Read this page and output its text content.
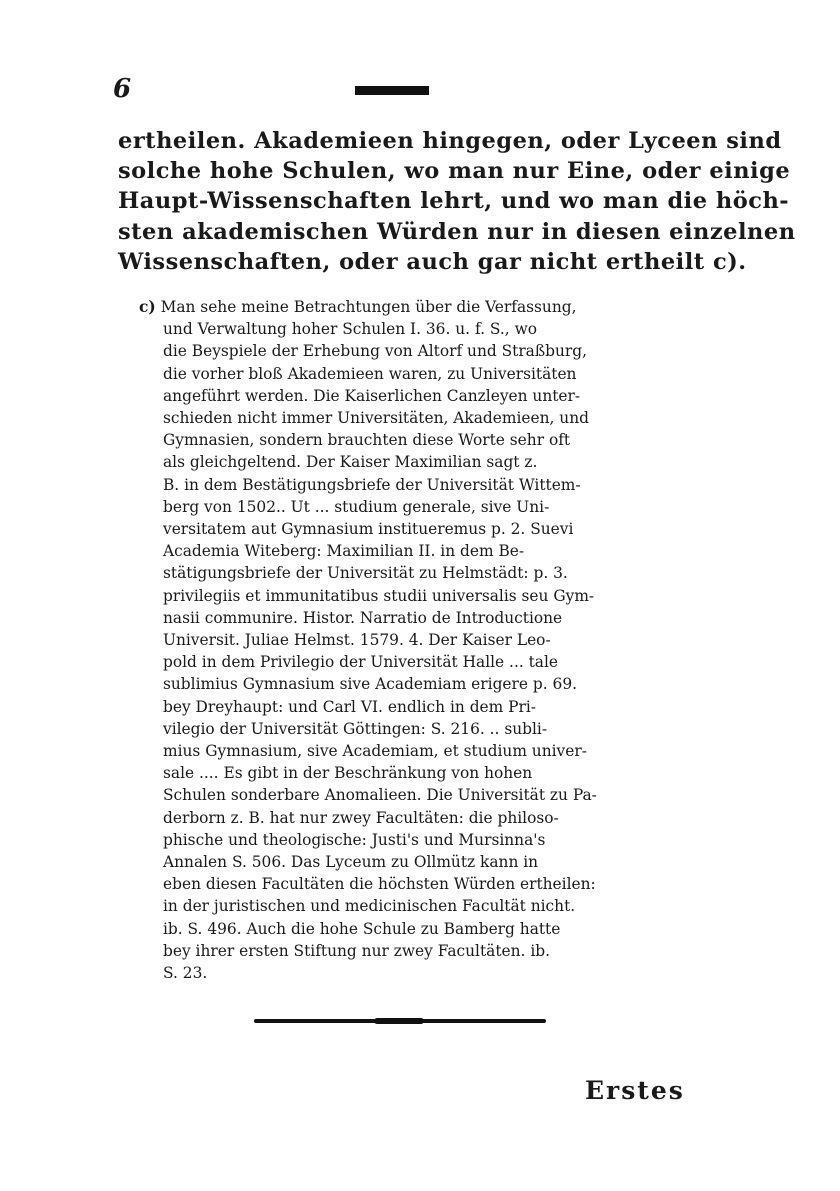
6
ertheilen. Akademieen hingegen, oder Lyceen sind
solche hohe Schulen, wo man nur Eine, oder einige
Haupt-Wissenschaften lehrt, und wo man die höch-
sten akademischen Würden nur in diesen einzelnen
Wissenschaften, oder auch gar nicht ertheilt c).
c) Man sehe meine Betrachtungen über die Verfassung,
und Verwaltung hoher Schulen I. 36. u. f. S., wo
die Beyspiele der Erhebung von Altorf und Straßburg,
die vorher bloß Akademieen waren, zu Universitäten
angeführt werden. Die Kaiserlichen Canzleyen unter-
schieden nicht immer Universitäten, Akademieen, und
Gymnasien, sondern brauchten diese Worte sehr oft
als gleichgeltend. Der Kaiser Maximilian sagt z.
B. in dem Bestätigungsbriefe der Universität Wittem-
berg von 1502.. Ut ... studium generale, sive Uni-
versitatem aut Gymnasium institueremus p. 2. Suevi
Academia Witeberg: Maximilian II. in dem Be-
stätigungsbriefe der Universität zu Helmstädt: p. 3.
privilegiis et immunitatibus studii universalis seu Gym-
nasii communire. Histor. Narratio de Introductione
Universit. Juliae Helmst. 1579. 4. Der Kaiser Leo-
pold in dem Privilegio der Universität Halle ... tale
sublimius Gymnasium sive Academiam erigere p. 69.
bey Dreyhaupt: und Carl VI. endlich in dem Pri-
vilegio der Universität Göttingen: S. 216. .. subli-
mius Gymnasium, sive Academiam, et studium univer-
sale .... Es gibt in der Beschränkung von hohen
Schulen sonderbare Anomalieen. Die Universität zu Pa-
derborn z. B. hat nur zwey Facultäten: die philoso-
phische und theologische: Justi's und Mursinna's
Annalen S. 506. Das Lyceum zu Ollmütz kann in
eben diesen Facultäten die höchsten Würden ertheilen:
in der juristischen und medicinischen Facultät nicht.
ib. S. 496. Auch die hohe Schule zu Bamberg hatte
bey ihrer ersten Stiftung nur zwey Facultäten. ib.
S. 23.
Erstes
